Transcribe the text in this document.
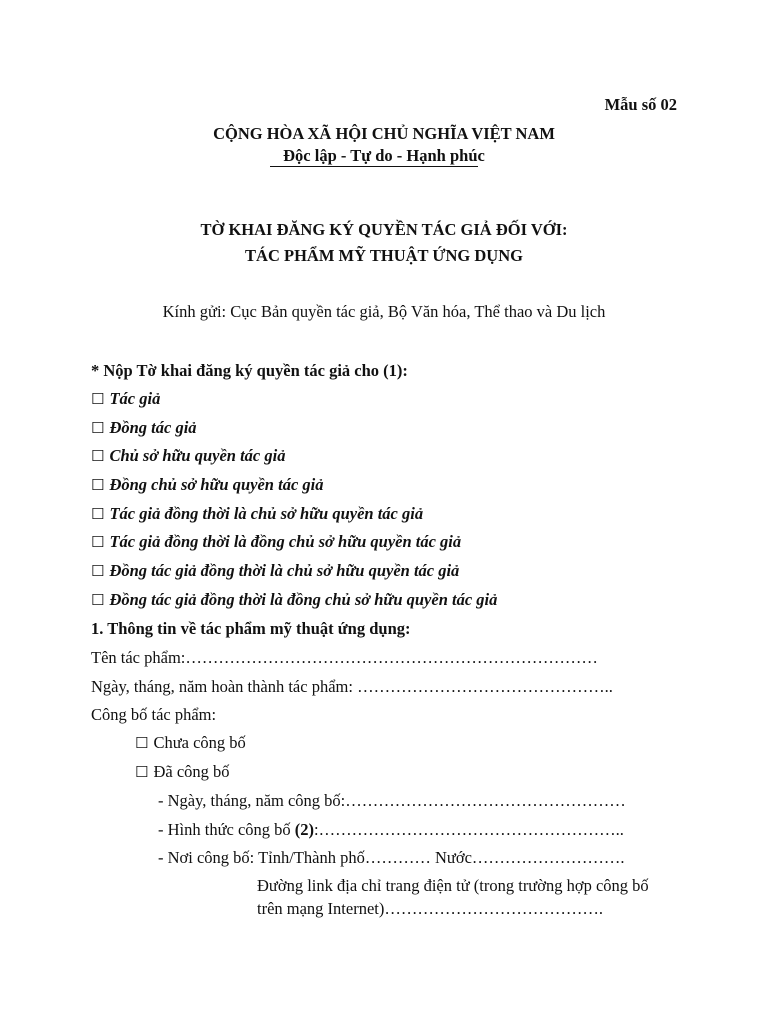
Mẫu số 02
CỘNG HÒA XÃ HỘI CHỦ NGHĨA VIỆT NAM
Độc lập - Tự do - Hạnh phúc
TỜ KHAI ĐĂNG KÝ QUYỀN TÁC GIẢ ĐỐI VỚI:
TÁC PHẨM MỸ THUẬT ỨNG DỤNG
Kính gửi: Cục Bản quyền tác giả, Bộ Văn hóa, Thể thao và Du lịch
* Nộp Tờ khai đăng ký quyền tác giả cho (1):
☐ Tác giả
☐ Đồng tác giả
☐ Chủ sở hữu quyền tác giả
☐ Đồng chủ sở hữu quyền tác giả
☐ Tác giả đồng thời là chủ sở hữu quyền tác giả
☐ Tác giả đồng thời là đồng chủ sở hữu quyền tác giả
☐ Đồng tác giả đồng thời là chủ sở hữu quyền tác giả
☐ Đồng tác giả đồng thời là đồng chủ sở hữu quyền tác giả
1. Thông tin về tác phẩm mỹ thuật ứng dụng:
Tên tác phẩm:…………………………………………………………………
Ngày, tháng, năm hoàn thành tác phẩm: ………………………………………..
Công bố tác phẩm:
☐ Chưa công bố
☐ Đã công bố
- Ngày, tháng, năm công bố:……………………………………………
- Hình thức công bố (2):………………………………………………..
- Nơi công bố: Tỉnh/Thành phố………… Nước……………………….
Đường link địa chỉ trang điện tử (trong trường hợp công bố
trên mạng Internet)………………………………….
